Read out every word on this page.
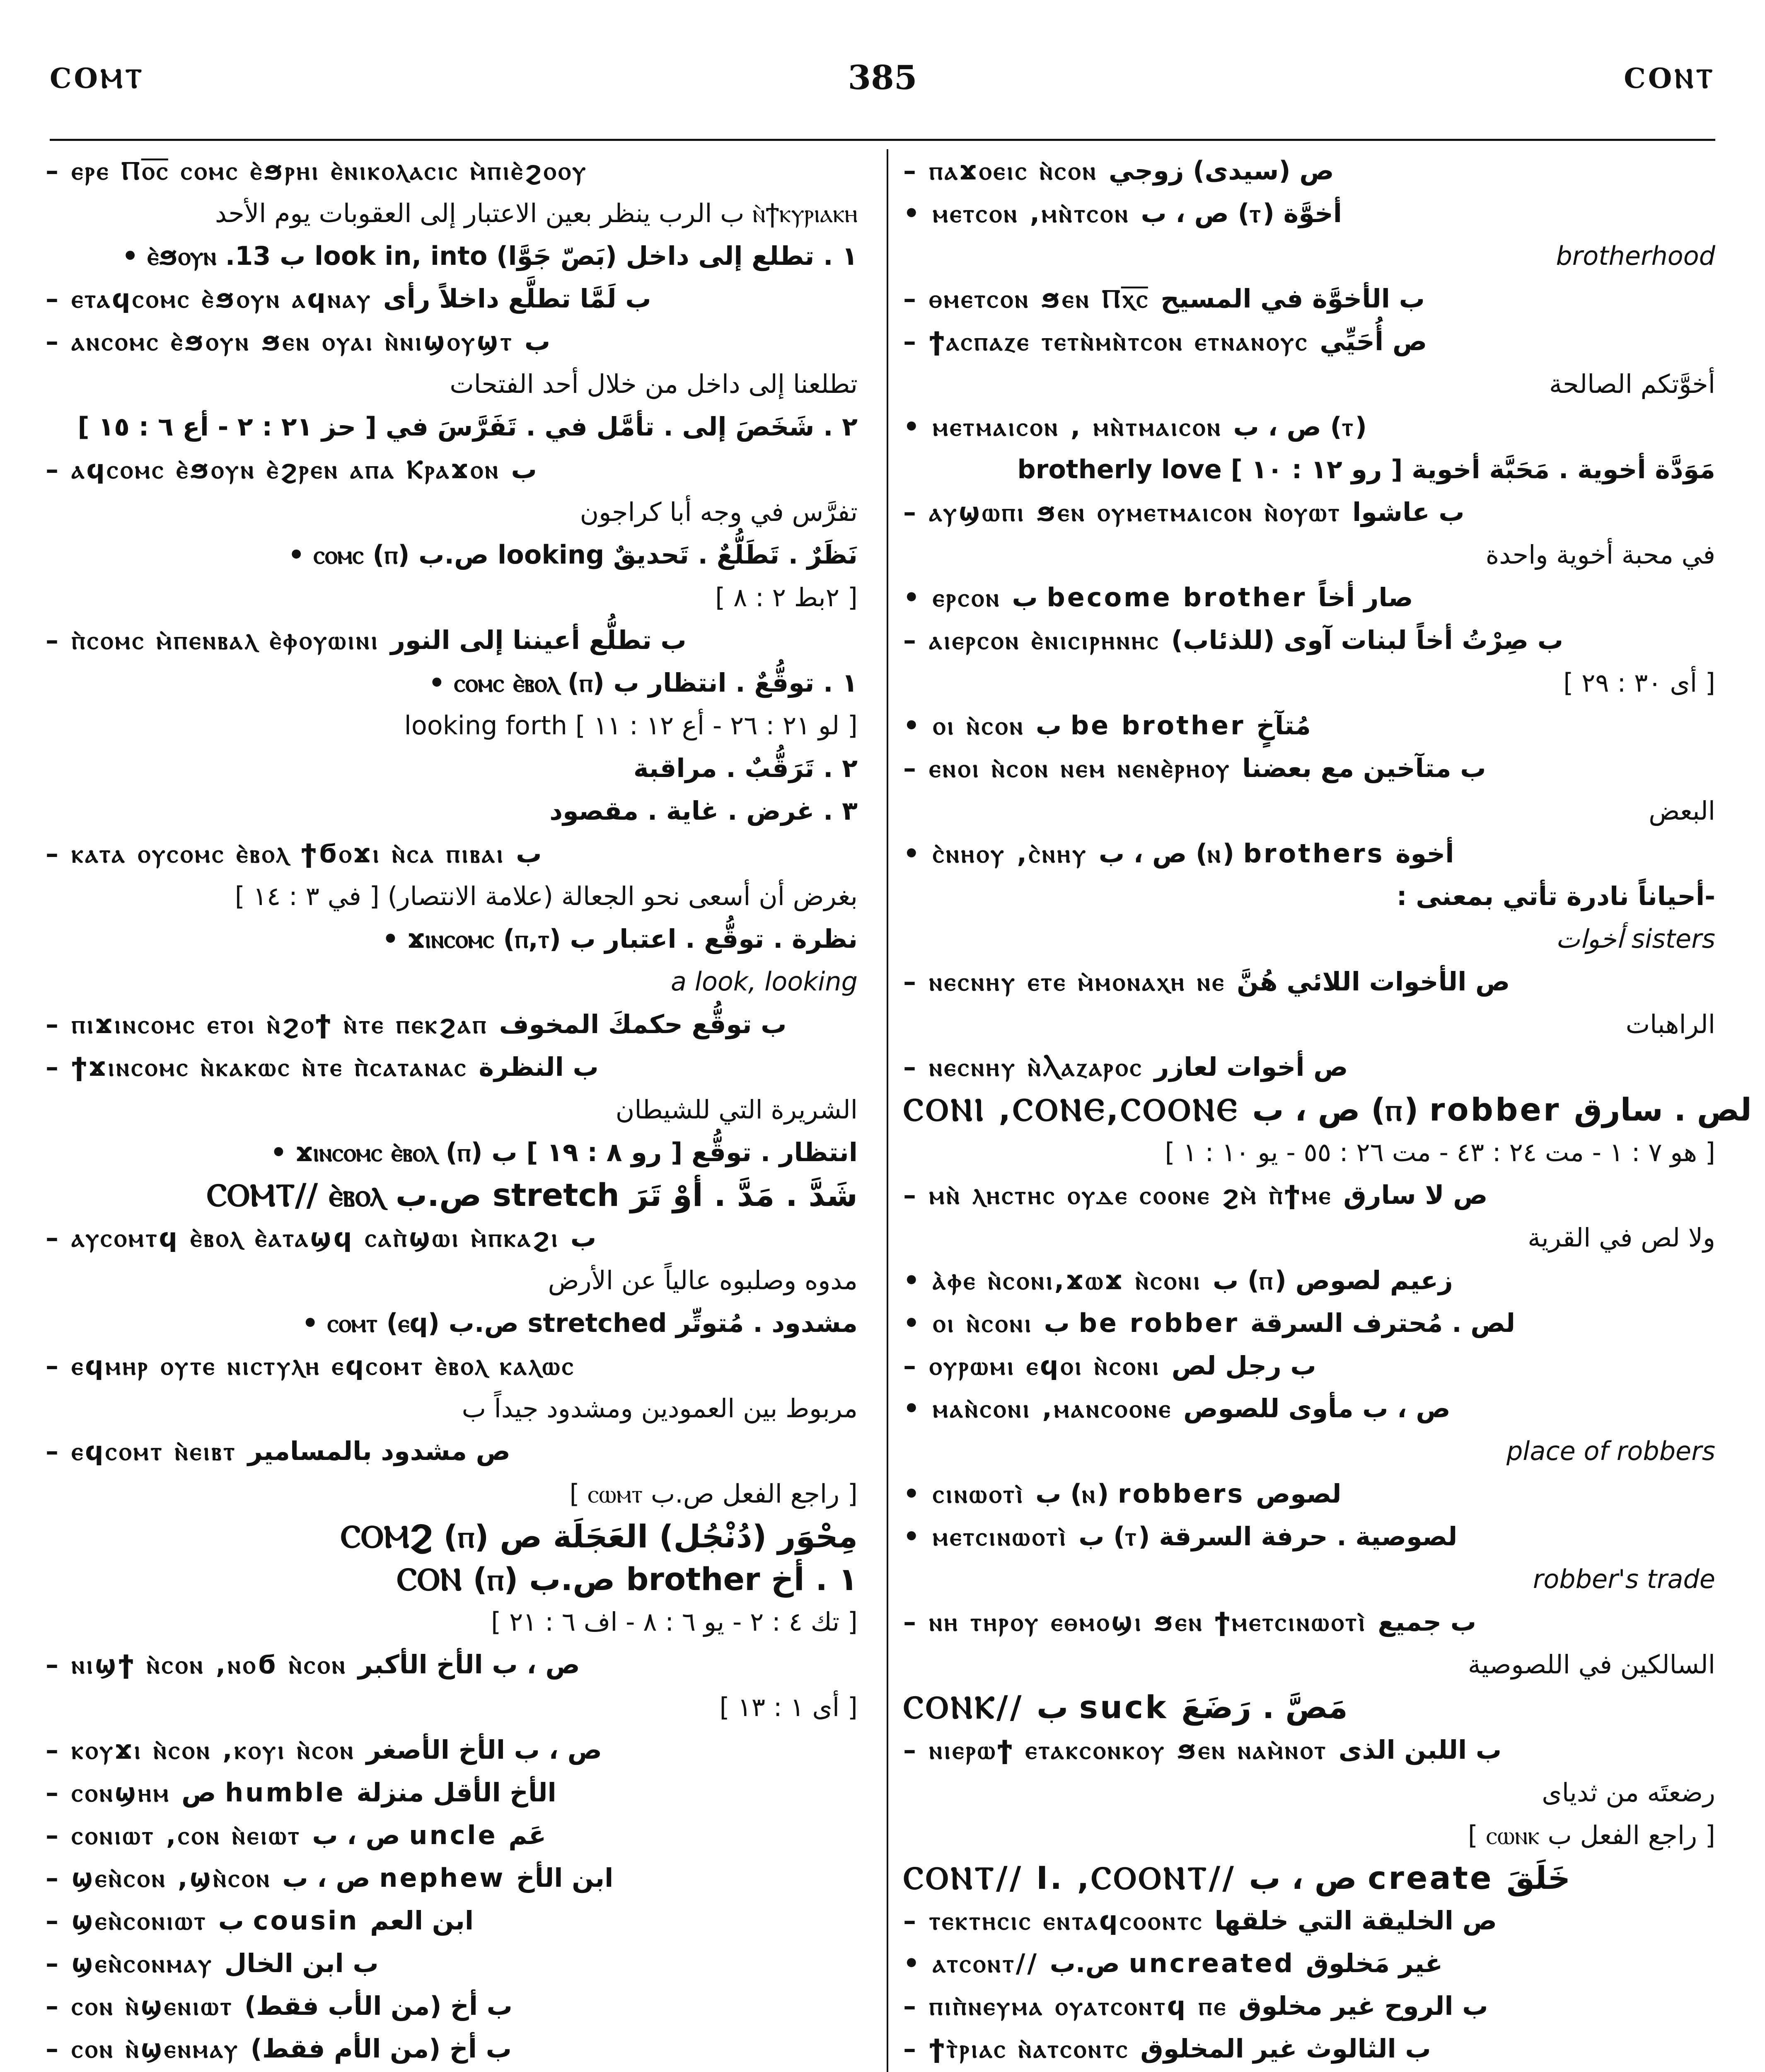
COⲘⲦ	385	COⲚⲦ
– ⲉⲣⲉ Ⲡⲟ̅ⲥ̅ ⲥⲟⲙⲥ ⲉ̀ϧⲣⲏⲓ ⲉ̀ⲛⲓⲕⲟⲗⲁⲥⲓⲥ ⲙ̀ⲡⲓⲉ̀ϩⲟⲟⲩ
ⲛ̀ϯⲕⲩⲣⲓⲁⲕⲏ ب الرب ينظر بعين الاعتبار إلى العقوبات يوم الأحد
١ . تطلع إلى داخل (بَصّ جَوَّا) look in, into ب 13. ⲉ̀ϧⲟⲩⲛ •
– ⲉⲧⲁϥⲥⲟⲙⲥ ⲉ̀ϧⲟⲩⲛ ⲁϥⲛⲁⲩ ب لَمَّا تطلَّع داخلاً رأى
– ⲁⲛⲥⲟⲙⲥ ⲉ̀ϧⲟⲩⲛ ϧⲉⲛ ⲟⲩⲁⲓ ⲛ̀ⲛⲓϣⲟⲩϣⲧ ب
تطلعنا إلى داخل من خلال أحد الفتحات
٢ . شَخَصَ إلى . تأمَّل في . تَفَرَّسَ في [ حز ٢١ : ٢ - أع ٦ : ١٥ ]
– ⲁϥⲥⲟⲙⲥ ⲉ̀ϧⲟⲩⲛ ⲉ̀ϩⲣⲉⲛ ⲁⲡⲁ Ⲕⲣⲁϫⲟⲛ ب
تفرَّس في وجه أبا كراجون
نَظَرٌ . تَطَلُّعٌ . تَحديقٌ looking ص.ب (ⲡ) ⲥⲟⲙⲥ •
[ ٢بط ٢ : ٨ ]
– ⲡ̀ⲥⲟⲙⲥ ⲙ̀ⲡⲉⲛⲃⲁⲗ ⲉ̀ⲫⲟⲩⲱⲓⲛⲓ ب تطلُّع أعيننا إلى النور
١ . توقُّعٌ . انتظار ب (ⲡ) ⲥⲟⲙⲥ ⲉ̀ⲃⲟⲗ •
[ لو ٢١ : ٢٦ - أع ١٢ : ١١ ] looking forth
٢ . تَرَقُّبٌ . مراقبة
٣ . غرض . غاية . مقصود
– ⲕⲁⲧⲁ ⲟⲩⲥⲟⲙⲥ ⲉ̀ⲃⲟⲗ ϯϭⲟϫⲓ ⲛ̀ⲥⲁ ⲡⲓⲃⲁⲓ ب
بغرض أن أسعى نحو الجعالة (علامة الانتصار) [ في ٣ : ١٤ ]
نظرة . توقُّع . اعتبار ب (ⲡ,ⲧ) ϫⲓⲛⲥⲟⲙⲥ •
a look, looking
– ⲡⲓϫⲓⲛⲥⲟⲙⲥ ⲉⲧⲟⲓ ⲛ̀ϩⲟϯ ⲛ̀ⲧⲉ ⲡⲉⲕϩⲁⲡ ب توقُّع حكمكَ المخوف
– ϯϫⲓⲛⲥⲟⲙⲥ ⲛ̀ⲕⲁⲕⲱⲥ ⲛ̀ⲧⲉ ⲡ̀ⲥⲁⲧⲁⲛⲁⲥ ب النظرة
الشريرة التي للشيطان
انتظار . توقُّع [ رو ٨ : ١٩ ] ب (ⲡ) ϫⲓⲛⲥⲟⲙⲥ ⲉ̀ⲃⲟⲗ •
شَدَّ . مَدَّ . أوْ تَرَ stretch ص.ب ⲤⲞⲘⲦ// ⲉ̀ⲃⲟⲗ
– ⲁⲩⲥⲟⲙⲧϥ ⲉ̀ⲃⲟⲗ ⲉ̀ⲁⲧⲁϣϥ ⲥⲁⲡ̀ϣⲱⲓ ⲙ̀ⲡⲕⲁϩⲓ ب
مدوه وصلبوه عالياً عن الأرض
مشدود . مُتوتِّر stretched ص.ب (ⲉϥ) ⲥⲟⲙⲧ •
– ⲉϥⲙⲏⲣ ⲟⲩⲧⲉ ⲛⲓⲥⲧⲩⲗⲏ ⲉϥⲥⲟⲙⲧ ⲉ̀ⲃⲟⲗ ⲕⲁⲗⲱⲥ
مربوط بين العمودين ومشدود جيداً ب
– ⲉϥⲥⲟⲙⲧ ⲛ̀ⲉⲓⲃⲧ ص مشدود بالمسامير
[ راجع الفعل ص.ب ⲥⲱⲙⲧ ]
مِحْوَر (دُنْجُل) العَجَلَة ص (ⲡ) ⲤⲞⲘϨ
١ . أخ brother ص.ب (ⲡ) ⲤⲞⲚ
[ تك ٤ : ٢ - يو ٦ : ٨ - اف ٦ : ٢١ ]
– ⲛⲓϣϯ ⲛ̀ⲥⲟⲛ ,ⲛⲟϭ ⲛ̀ⲥⲟⲛ ص ، ب الأخ الأكبر
[ أى ١ : ١٣ ]
– ⲕⲟⲩϫⲓ ⲛ̀ⲥⲟⲛ ,ⲕⲟⲩⲓ ⲛ̀ⲥⲟⲛ ص ، ب الأخ الأصغر
– ⲥⲟⲛϣⲏⲙ ص humble الأخ الأقل منزلة
– ⲥⲟⲛⲓⲱⲧ ,ⲥⲟⲛ ⲛ̀ⲉⲓⲱⲧ ص ، ب uncle عَم
– ϣⲉⲛ̀ⲥⲟⲛ ,ϣⲛ̀ⲥⲟⲛ ص ، ب nephew ابن الأخ
– ϣⲉⲛ̀ⲥⲟⲛⲓⲱⲧ ب cousin ابن العم
– ϣⲉⲛ̀ⲥⲟⲛⲙⲁⲩ ب ابن الخال
– ⲥⲟⲛ ⲛ̀ϣⲉⲛⲓⲱⲧ ب أخ (من الأب فقط)
– ⲥⲟⲛ ⲛ̀ϣⲉⲛⲙⲁⲩ ب أخ (من الأم فقط)
– ⲡⲁϫⲟⲉⲓⲥ ⲛ̀ⲥⲟⲛ ص (سيدى) زوجي
• ⲙⲉⲧⲥⲟⲛ ,ⲙⲛ̀ⲧⲥⲟⲛ ص ، ب (ⲧ) أخوَّة
brotherhood
– ⲑⲙⲉⲧⲥⲟⲛ ϧⲉⲛ Ⲡⲭ̅ⲥ̅ ب الأخوَّة في المسيح
– ϯⲁⲥⲡⲁⲍⲉ ⲧⲉⲧⲛ̀ⲙⲛ̀ⲧⲥⲟⲛ ⲉⲧⲛⲁⲛⲟⲩⲥ ص أُحَيِّي
أخوَّتكم الصالحة
• ⲙⲉⲧⲙⲁⲓⲥⲟⲛ , ⲙⲛ̀ⲧⲙⲁⲓⲥⲟⲛ ص ، ب (ⲧ)
مَوَدَّة أخوية . مَحَبَّة أخوية [ رو ١٢ : ١٠ ] brotherly love
– ⲁⲩϣⲱⲡⲓ ϧⲉⲛ ⲟⲩⲙⲉⲧⲙⲁⲓⲥⲟⲛ ⲛ̀ⲟⲩⲱⲧ ب عاشوا
في محبة أخوية واحدة
• ⲉⲣⲥⲟⲛ ب become brother صار أخاً
– ⲁⲓⲉⲣⲥⲟⲛ ⲉ̀ⲛⲓⲥⲓⲣⲏⲛⲏⲥ ب صِرْتُ أخاً لبنات آوى (للذئاب)
[ أى ٣٠ : ٢٩ ]
• ⲟⲓ ⲛ̀ⲥⲟⲛ ب be brother مُتآخٍ
– ⲉⲛⲟⲓ ⲛ̀ⲥⲟⲛ ⲛⲉⲙ ⲛⲉⲛⲉ̀ⲣⲏⲟⲩ ب متآخين مع بعضنا
البعض
• ⲥ̀ⲛⲏⲟⲩ ,ⲥ̀ⲛⲏⲩ ص ، ب (ⲛ) brothers أخوة
-أحياناً نادرة تأتي بمعنى :
sisters أخوات
– ⲛⲉⲥⲛⲏⲩ ⲉⲧⲉ ⲙ̀ⲙⲟⲛⲁⲭⲏ ⲛⲉ ص الأخوات اللائي هُنَّ
الراهبات
– ⲛⲉⲥⲛⲏⲩ ⲛ̀Ⲗⲁⲍⲁⲣⲟⲥ ص أخوات لعازر
ⲤⲞⲚⲒ ,ⲤⲞⲚⲈ,ⲤⲞⲞⲚⲈ ص ، ب (ⲡ) robber لص . سارق
[ هو ٧ : ١ - مت ٢٤ : ٤٣ - مت ٢٦ : ٥٥ - يو ١٠ : ١ ]
– ⲙⲛ̀ ⲗⲏⲥⲧⲏⲥ ⲟⲩⲇⲉ ⲥⲟⲟⲛⲉ ϩⲙ̀ ⲡ̀ϯⲙⲉ ص لا سارق
ولا لص في القرية
• ⲁ̀ⲫⲉ ⲛ̀ⲥⲟⲛⲓ,ϫⲱϫ ⲛ̀ⲥⲟⲛⲓ ب (ⲡ) زعيم لصوص
• ⲟⲓ ⲛ̀ⲥⲟⲛⲓ ب be robber لص . مُحترف السرقة
– ⲟⲩⲣⲱⲙⲓ ⲉϥⲟⲓ ⲛ̀ⲥⲟⲛⲓ ب رجل لص
• ⲙⲁⲛ̀ⲥⲟⲛⲓ ,ⲙⲁⲛⲥⲟⲟⲛⲉ ص ، ب مأوى للصوص
place of robbers
• ⲥⲓⲛⲱⲟⲧⲓ̀ ب (ⲛ) robbers لصوص
• ⲙⲉⲧⲥⲓⲛⲱⲟⲧⲓ̀ ب (ⲧ) لصوصية . حرفة السرقة
robber's trade
– ⲛⲏ ⲧⲏⲣⲟⲩ ⲉⲑⲙⲟϣⲓ ϧⲉⲛ ϯⲙⲉⲧⲥⲓⲛⲱⲟⲧⲓ̀ ب جميع
السالكين في اللصوصية
ⲤⲞⲚⲔ// ب suck مَصَّ . رَضَعَ
– ⲛⲓⲉⲣⲱϯ ⲉⲧⲁⲕⲥⲟⲛⲕⲟⲩ ϧⲉⲛ ⲛⲁⲙ̀ⲛⲟⲧ ب اللبن الذى
رضعتَه من ثدياى
[ راجع الفعل ب ⲥⲱⲛⲕ ]
ⲤⲞⲚⲦ// I. ,ⲤⲞⲞⲚⲦ// ص ، ب create خَلَقَ
– ⲧⲉⲕⲧⲏⲥⲓⲥ ⲉⲛⲧⲁϥⲥⲟⲟⲛⲧⲥ ص الخليقة التي خلقها
• ⲁⲧⲥⲟⲛⲧ// ص.ب uncreated غير مَخلوق
– ⲡⲓⲡ̀ⲛⲉⲩⲙⲁ ⲟⲩⲁⲧⲥⲟⲛⲧϥ ⲡⲉ ب الروح غير مخلوق
– ϯⲧ̀ⲣⲓⲁⲥ ⲛ̀ⲁⲧⲥⲟⲛⲧⲥ ب الثالوث غير المخلوق
